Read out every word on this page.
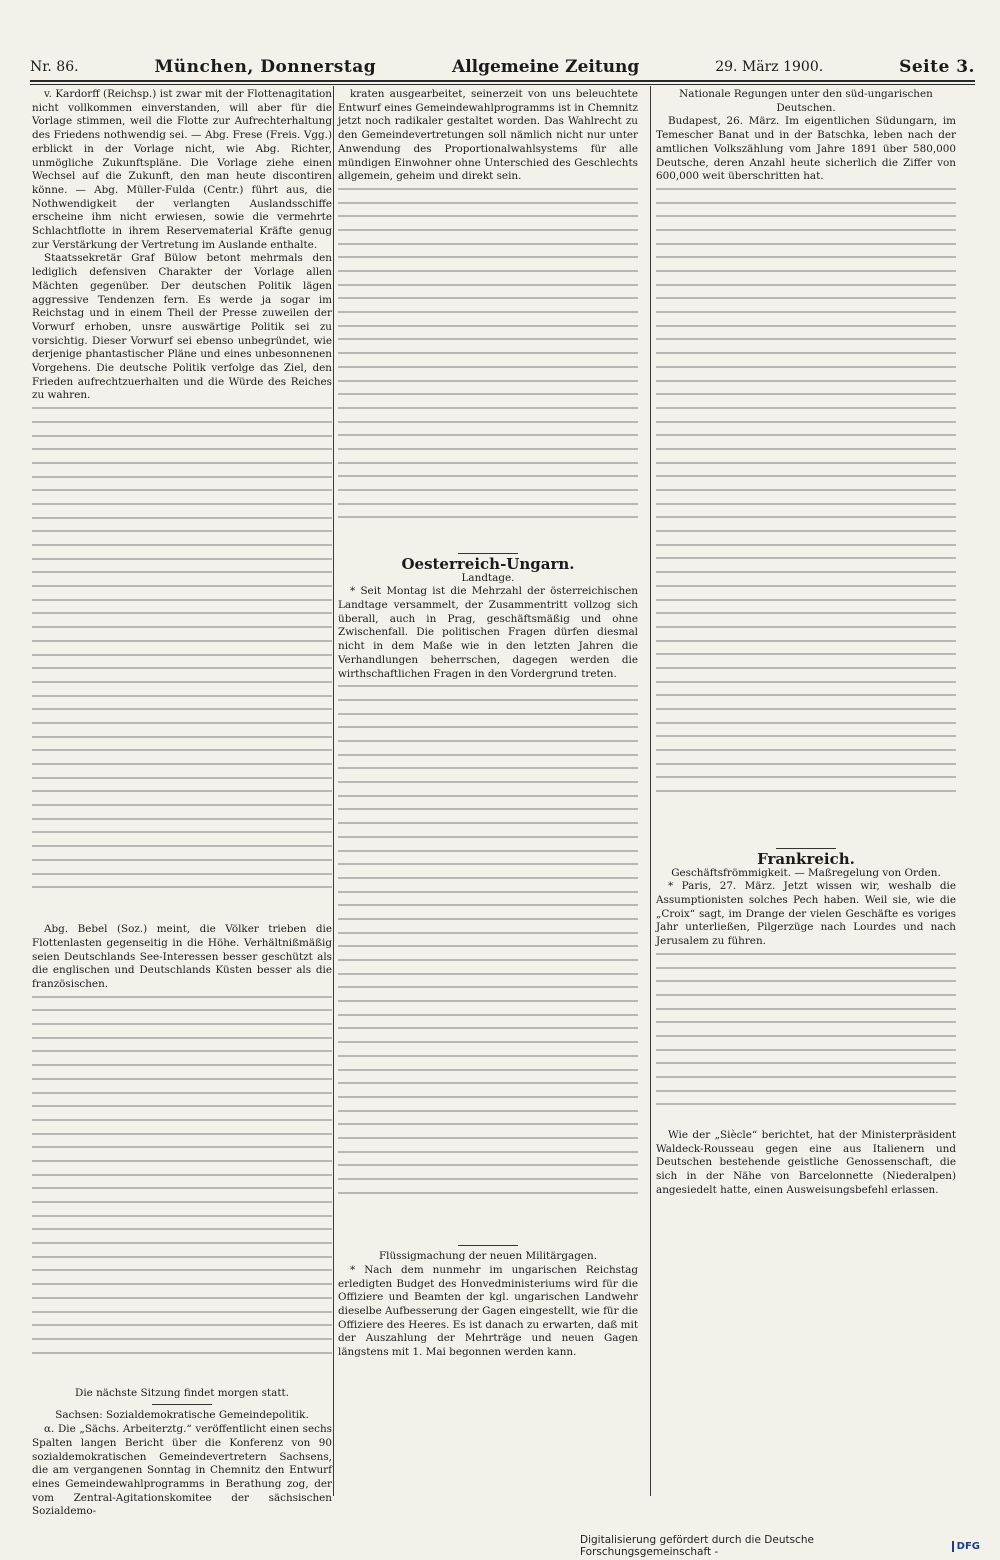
Nr. 86.	München, Donnerstag	Allgemeine Zeitung	29. März 1900.	Seite 3.

v. Kardorff (Reichsp.) ist zwar mit der Flottenagitation nicht vollkommen einverstanden, will aber für die Vorlage stimmen, weil die Flotte zur Aufrechterhaltung des Friedens nothwendig sei. — Abg. Frese (Freis. Vgg.) erblickt in der Vorlage nicht, wie Abg. Richter, unmögliche Zukunftspläne. Die Vorlage ziehe einen Wechsel auf die Zukunft, den man heute discontiren könne. — Abg. Müller-Fulda (Centr.) führt aus, die Nothwendigkeit der verlangten Auslandsschiffe erscheine ihm nicht erwiesen, sowie die vermehrte Schlachtflotte in ihrem Reservematerial Kräfte genug zur Verstärkung der Vertretung im Auslande enthalte.

Staatssekretär Graf Bülow betont mehrmals den lediglich defensiven Charakter der Vorlage allen Mächten gegenüber. Der deutschen Politik lägen aggressive Tendenzen fern. Es werde ja sogar im Reichstag und in einem Theil der Presse zuweilen der Vorwurf erhoben, unsre auswärtige Politik sei zu vorsichtig. Dieser Vorwurf sei ebenso unbegründet, wie derjenige phantastischer Pläne und eines unbesonnenen Vorgehens. Die deutsche Politik verfolge das Ziel, den Frieden aufrechtzuerhalten und die Würde des Reiches zu wahren.

Abg. Bebel (Soz.) meint, die Völker trieben die Flottenlasten gegenseitig in die Höhe. Verhältnißmäßig seien Deutschlands See-Interessen besser geschützt als die englischen und Deutschlands Küsten besser als die französischen.

Die nächste Sitzung findet morgen statt.

Sachsen: Sozialdemokratische Gemeindepolitik.

α. Die „Sächs. Arbeiterztg.“ veröffentlicht einen sechs Spalten langen Bericht über die Konferenz von 90 sozialdemokratischen Gemeindevertretern Sachsens, die am vergangenen Sonntag in Chemnitz den Entwurf eines Gemeindewahlprogramms in Berathung zog, der vom Zentral-Agitationskomitee der sächsischen Sozialdemo-

kraten ausgearbeitet, seinerzeit von uns beleuchtete Entwurf eines Gemeindewahlprogramms ist in Chemnitz jetzt noch radikaler gestaltet worden. Das Wahlrecht zu den Gemeindevertretungen soll nämlich nicht nur unter Anwendung des Proportionalwahlsystems für alle mündigen Einwohner ohne Unterschied des Geschlechts allgemein, geheim und direkt sein.

Oesterreich-Ungarn.

Landtage.

* Seit Montag ist die Mehrzahl der österreichischen Landtage versammelt, der Zusammentritt vollzog sich überall, auch in Prag, geschäftsmäßig und ohne Zwischenfall. Die politischen Fragen dürfen diesmal nicht in dem Maße wie in den letzten Jahren die Verhandlungen beherrschen, dagegen werden die wirthschaftlichen Fragen in den Vordergrund treten.

Flüssigmachung der neuen Militärgagen.

* Nach dem nunmehr im ungarischen Reichstag erledigten Budget des Honvedministeriums wird für die Offiziere und Beamten der kgl. ungarischen Landwehr dieselbe Aufbesserung der Gagen eingestellt, wie für die Offiziere des Heeres. Es ist danach zu erwarten, daß mit der Auszahlung der Mehrträge und neuen Gagen längstens mit 1. Mai begonnen werden kann.

Nationale Regungen unter den süd-ungarischen Deutschen.

Budapest, 26. März. Im eigentlichen Südungarn, im Temescher Banat und in der Batschka, leben nach der amtlichen Volkszählung vom Jahre 1891 über 580,000 Deutsche, deren Anzahl heute sicherlich die Ziffer von 600,000 weit überschritten hat.

Frankreich.

Geschäftsfrömmigkeit. — Maßregelung von Orden.

* Paris, 27. März. Jetzt wissen wir, weshalb die Assumptionisten solches Pech haben. Weil sie, wie die „Croix“ sagt, im Drange der vielen Geschäfte es voriges Jahr unterließen, Pilgerzüge nach Lourdes und nach Jerusalem zu führen.

Wie der „Siècle“ berichtet, hat der Ministerpräsident Waldeck-Rousseau gegen eine aus Italienern und Deutschen bestehende geistliche Genossenschaft, die sich in der Nähe von Barcelonnette (Niederalpen) angesiedelt hatte, einen Ausweisungsbefehl erlassen.

Digitalisierung gefördert durch die Deutsche Forschungsgemeinschaft -	DFG
